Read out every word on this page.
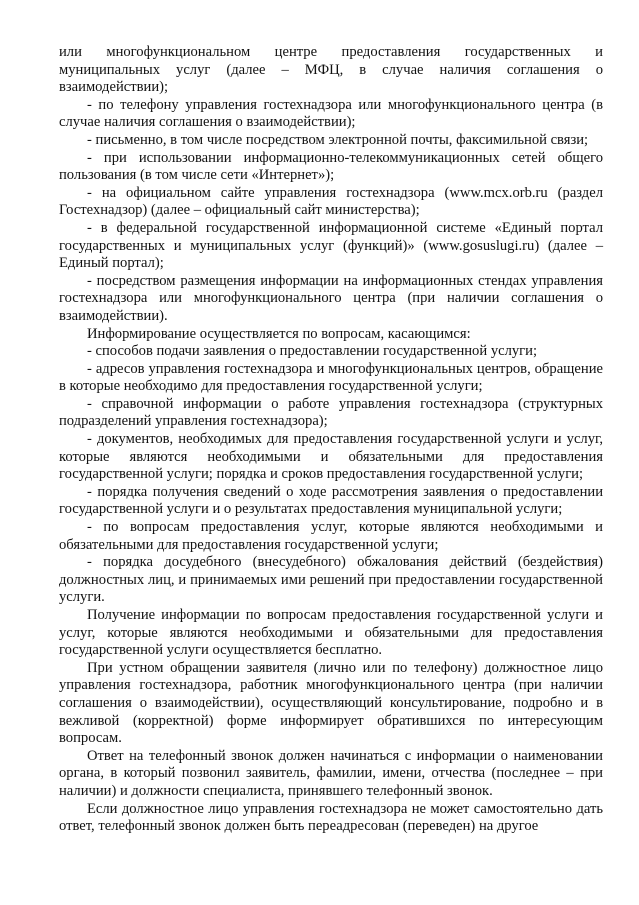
или многофункциональном центре предоставления государственных и муниципальных услуг (далее – МФЦ, в случае наличия соглашения о взаимодействии);

- по телефону управления гостехнадзора или многофункционального центра (в случае наличия соглашения о взаимодействии);

- письменно, в том числе посредством электронной почты, факсимильной связи;

- при использовании информационно-телекоммуникационных сетей общего пользования (в том числе сети «Интернет»);

- на официальном сайте управления гостехнадзора (www.mcx.orb.ru (раздел Гостехнадзор) (далее – официальный сайт министерства);

- в федеральной государственной информационной системе «Единый портал государственных и муниципальных услуг (функций)» (www.gosuslugi.ru) (далее – Единый портал);

- посредством размещения информации на информационных стендах управления гостехнадзора или многофункционального центра (при наличии соглашения о взаимодействии).

Информирование осуществляется по вопросам, касающимся:

- способов подачи заявления о предоставлении государственной услуги;

- адресов управления гостехнадзора и многофункциональных центров, обращение в которые необходимо для предоставления государственной услуги;

- справочной информации о работе управления гостехнадзора (структурных подразделений управления гостехнадзора);

- документов, необходимых для предоставления государственной услуги и услуг, которые являются необходимыми и обязательными для предоставления государственной услуги; порядка и сроков предоставления государственной услуги;

- порядка получения сведений о ходе рассмотрения заявления о предоставлении государственной услуги и о результатах предоставления муниципальной услуги;

- по вопросам предоставления услуг, которые являются необходимыми и обязательными для предоставления государственной услуги;

- порядка досудебного (внесудебного) обжалования действий (бездействия) должностных лиц, и принимаемых ими решений при предоставлении государственной услуги.

Получение информации по вопросам предоставления государственной услуги и услуг, которые являются необходимыми и обязательными для предоставления государственной услуги осуществляется бесплатно.

При устном обращении заявителя (лично или по телефону) должностное лицо управления гостехнадзора, работник многофункционального центра (при наличии соглашения о взаимодействии), осуществляющий консультирование, подробно и в вежливой (корректной) форме информирует обратившихся по интересующим вопросам.

Ответ на телефонный звонок должен начинаться с информации о наименовании органа, в который позвонил заявитель, фамилии, имени, отчества (последнее – при наличии) и должности специалиста, принявшего телефонный звонок.

Если должностное лицо управления гостехнадзора не может самостоятельно дать ответ, телефонный звонок должен быть переадресован (переведен) на другое
